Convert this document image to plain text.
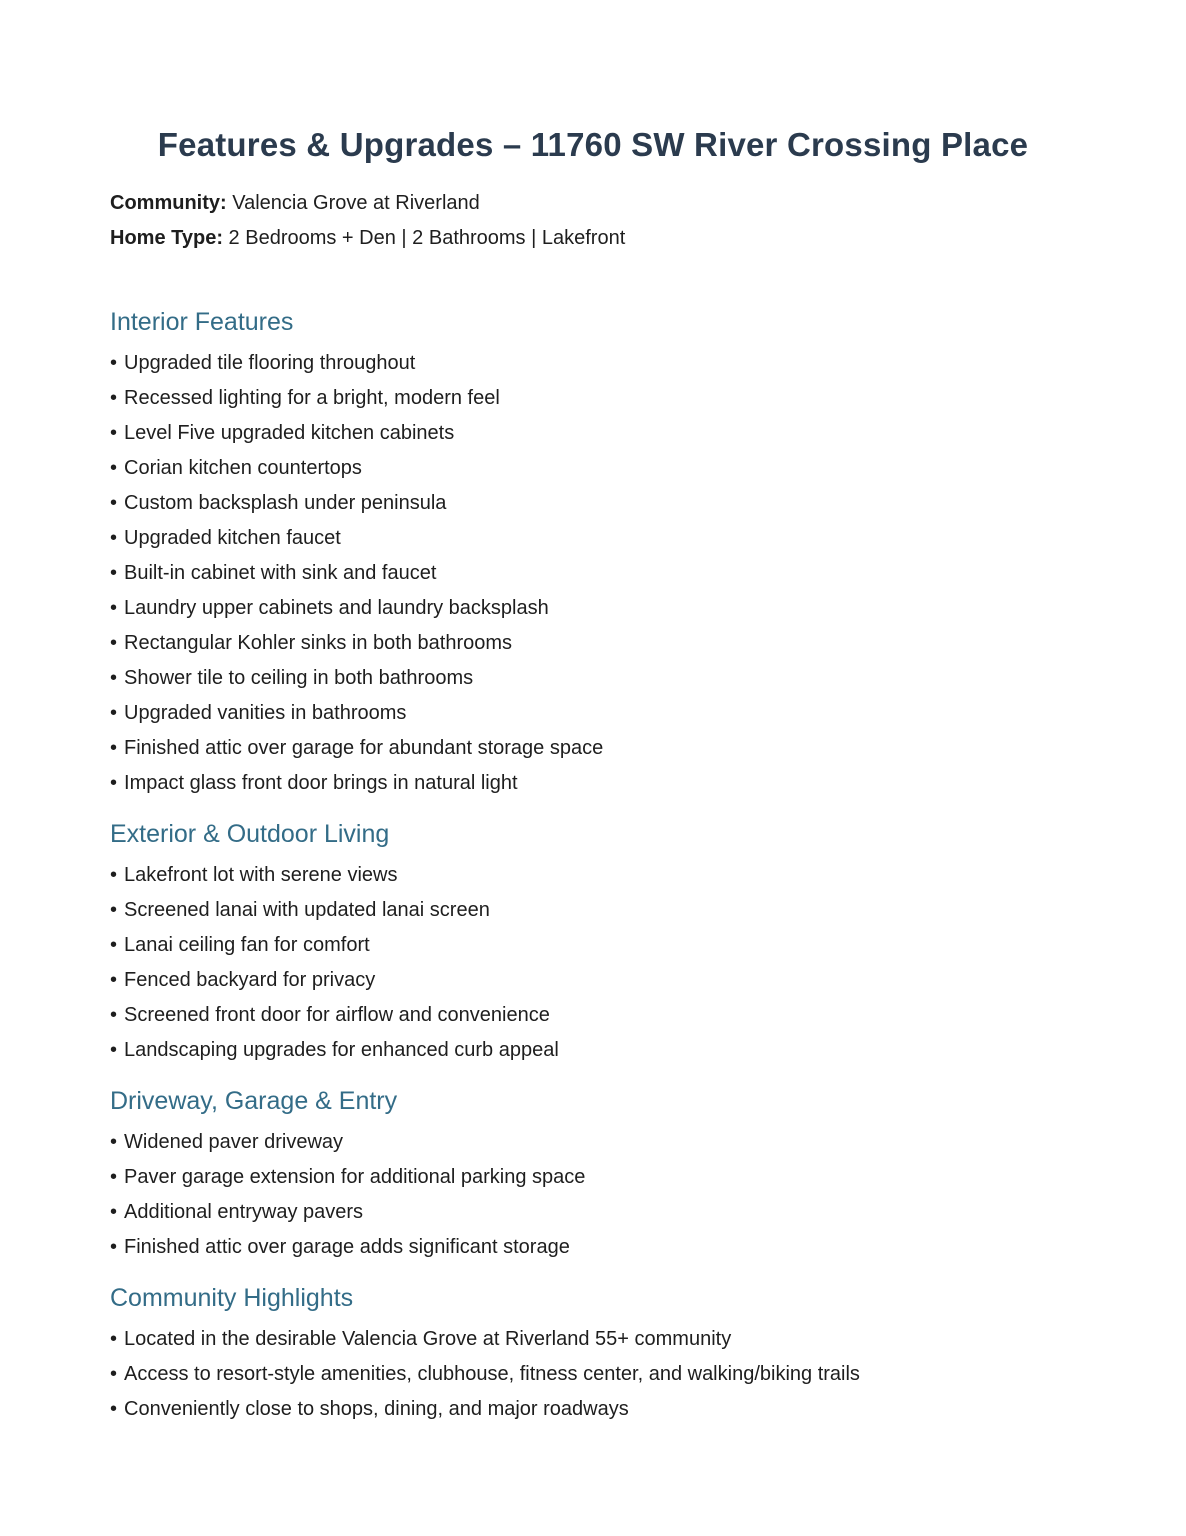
Features & Upgrades – 11760 SW River Crossing Place

Community: Valencia Grove at Riverland

Home Type: 2 Bedrooms + Den | 2 Bathrooms | Lakefront

Interior Features
• Upgraded tile flooring throughout
• Recessed lighting for a bright, modern feel
• Level Five upgraded kitchen cabinets
• Corian kitchen countertops
• Custom backsplash under peninsula
• Upgraded kitchen faucet
• Built-in cabinet with sink and faucet
• Laundry upper cabinets and laundry backsplash
• Rectangular Kohler sinks in both bathrooms
• Shower tile to ceiling in both bathrooms
• Upgraded vanities in bathrooms
• Finished attic over garage for abundant storage space
• Impact glass front door brings in natural light
Exterior & Outdoor Living
• Lakefront lot with serene views
• Screened lanai with updated lanai screen
• Lanai ceiling fan for comfort
• Fenced backyard for privacy
• Screened front door for airflow and convenience
• Landscaping upgrades for enhanced curb appeal
Driveway, Garage & Entry
• Widened paver driveway
• Paver garage extension for additional parking space
• Additional entryway pavers
• Finished attic over garage adds significant storage
Community Highlights
• Located in the desirable Valencia Grove at Riverland 55+ community
• Access to resort-style amenities, clubhouse, fitness center, and walking/biking trails
• Conveniently close to shops, dining, and major roadways
